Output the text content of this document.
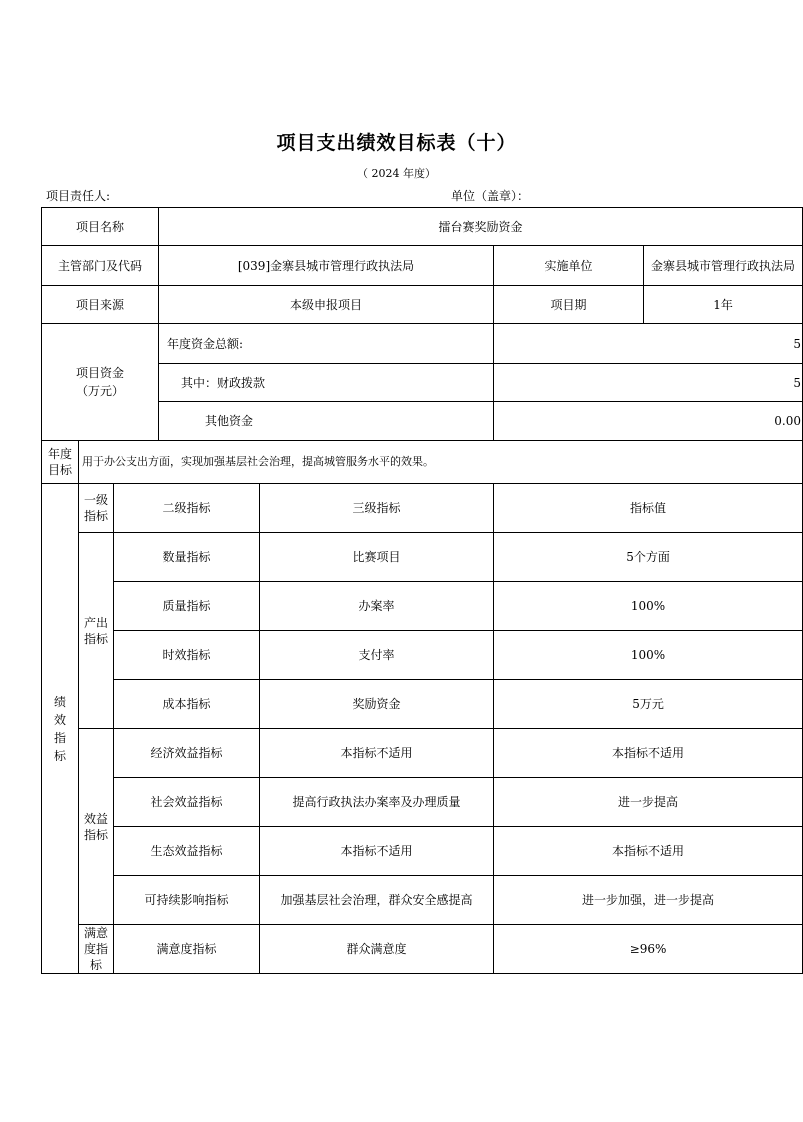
项目支出绩效目标表（十）
（ 2024 年度）
项目责任人:	单位（盖章）：
项目名称			擂台赛奖励资金			
主管部门及代码			[039]金寨县城市管理行政执法局		实施单位	金寨县城市管理行政执法局
项目来源			本级申报项目		项目期	1年
项目资金
（万元）			年度资金总额:		5	
			其中：财政拨款		5	
			其他资金		0.00	
年度
目标	用于办公支出方面，实现加强基层社会治理，提高城管服务水平的效果。					
绩
效
指
标	一级
指标	二级指标		三级指标	指标值	
	产出
指标	数量指标		比赛项目	5个方面	
		质量指标		办案率	100%	
		时效指标		支付率	100%	
		成本指标		奖励资金	5万元	
	效益
指标	经济效益指标		本指标不适用	本指标不适用	
		社会效益指标		提高行政执法办案率及办理质量	进一步提高	
		生态效益指标		本指标不适用	本指标不适用	
		可持续影响指标		加强基层社会治理，群众安全感提高	进一步加强，进一步提高	
	满意
度指
标	满意度指标		群众满意度	≥96%	
